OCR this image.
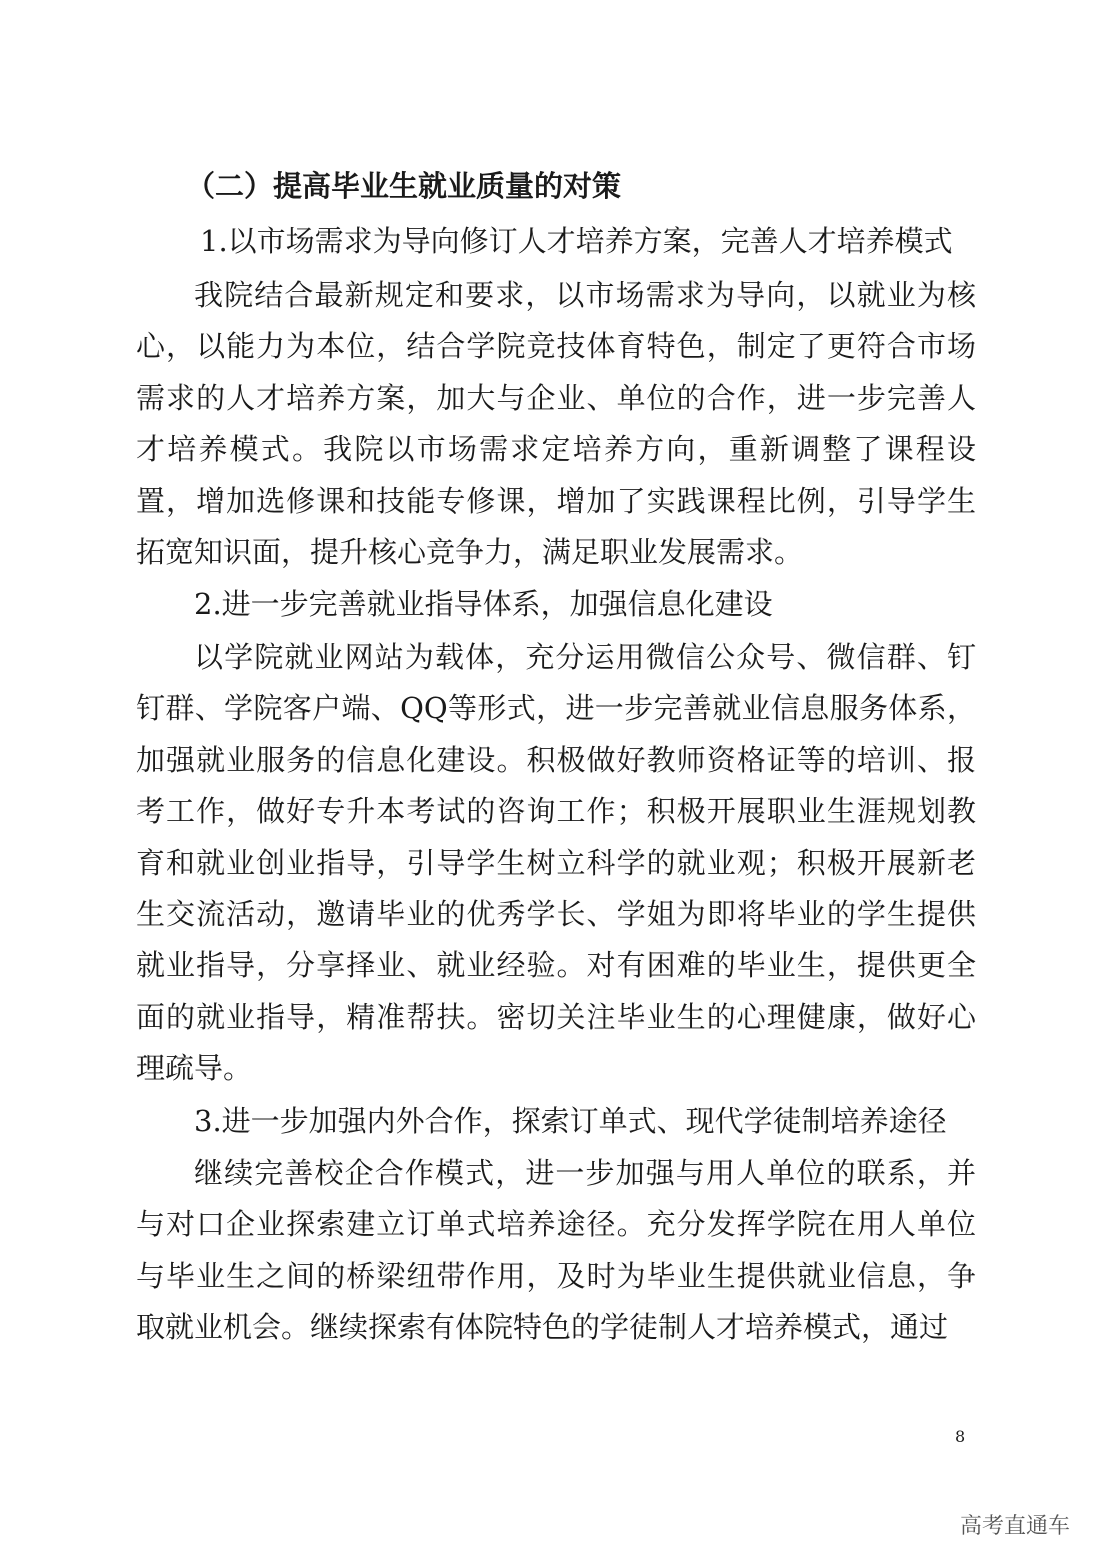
（二）提高毕业生就业质量的对策
1.以市场需求为导向修订人才培养方案，完善人才培养模式

我院结合最新规定和要求，以市场需求为导向，以就业为核心，以能力为本位，结合学院竞技体育特色，制定了更符合市场需求的人才培养方案，加大与企业、单位的合作，进一步完善人才培养模式。我院以市场需求定培养方向，重新调整了课程设置，增加选修课和技能专修课，增加了实践课程比例，引导学生拓宽知识面，提升核心竞争力，满足职业发展需求。

2.进一步完善就业指导体系，加强信息化建设

以学院就业网站为载体，充分运用微信公众号、微信群、钉钉群、学院客户端、QQ等形式，进一步完善就业信息服务体系，加强就业服务的信息化建设。积极做好教师资格证等的培训、报考工作，做好专升本考试的咨询工作；积极开展职业生涯规划教育和就业创业指导，引导学生树立科学的就业观；积极开展新老生交流活动，邀请毕业的优秀学长、学姐为即将毕业的学生提供就业指导，分享择业、就业经验。对有困难的毕业生，提供更全面的就业指导，精准帮扶。密切关注毕业生的心理健康，做好心理疏导。

3.进一步加强内外合作，探索订单式、现代学徒制培养途径

继续完善校企合作模式，进一步加强与用人单位的联系，并与对口企业探索建立订单式培养途径。充分发挥学院在用人单位与毕业生之间的桥梁纽带作用，及时为毕业生提供就业信息，争取就业机会。继续探索有体院特色的学徒制人才培养模式，通过

8
高考直通车
